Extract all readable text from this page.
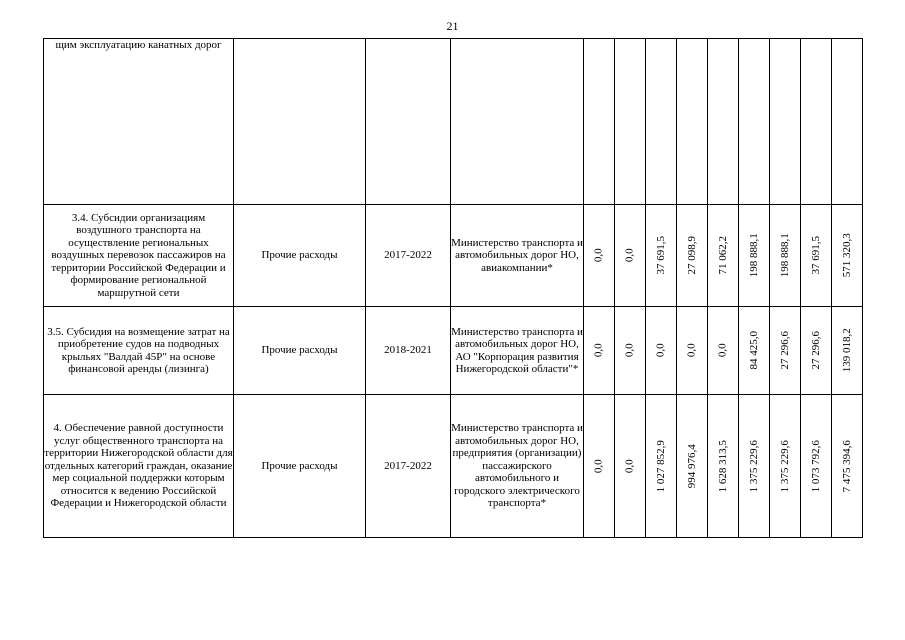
21
щим эксплуатацию канатных дорог				

3.4. Субсидии организациям воздушного транспорта на осуществление региональных воздушных перевозок пассажиров на территории Российской Федерации и формирование региональной маршрутной сети	Прочие расходы	2017-2022	Министерство транспорта и автомобильных дорог НО, авиакомпании*	0,0	0,0	37 691,5	27 098,9	71 062,2	198 888,1	198 888,1	37 691,5	571 320,3

3.5. Субсидия на возмещение затрат на приобретение судов на подводных крыльях "Валдай 45Р" на основе финансовой аренды (лизинга)	Прочие расходы	2018-2021	Министерство транспорта и автомобильных дорог НО, АО "Корпорация развития Нижегородской области"*	0,0	0,0	0,0	0,0	0,0	84 425,0	27 296,6	27 296,6	139 018,2

4. Обеспечение равной доступности услуг общественного транспорта на территории Нижегородской области для отдельных категорий граждан, оказание мер социальной поддержки которым относится к ведению Российской Федерации и Нижегородской области	Прочие расходы	2017-2022	Министерство транспорта и автомобильных дорог НО, предприятия (организации) пассажирского автомобильного и городского электрического транспорта*	0,0	0,0	1 027 852,9	994 976,4	1 628 313,5	1 375 229,6	1 375 229,6	1 073 792,6	7 475 394,6
